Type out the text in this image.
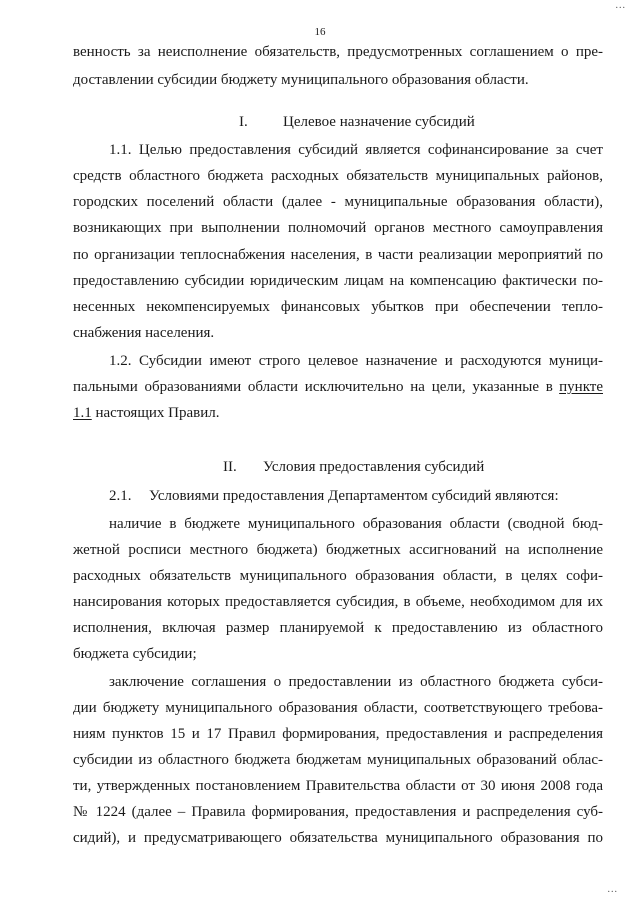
...
16
венность за неисполнение обязательств, предусмотренных соглашением о пре-
доставлении субсидии бюджету муниципального образования области.
I. Целевое назначение субсидий
1.1. Целью предоставления субсидий является софинансирование за счет
средств областного бюджета расходных обязательств муниципальных районов,
городских поселений области (далее - муниципальные образования области),
возникающих при выполнении полномочий органов местного самоуправления
по организации теплоснабжения населения, в части реализации мероприятий по
предоставлению субсидии юридическим лицам на компенсацию фактически по-
несенных некомпенсируемых финансовых убытков при обеспечении тепло-
снабжения населения.
1.2. Субсидии имеют строго целевое назначение и расходуются муници-
пальными образованиями области исключительно на цели, указанные в пункте
1.1 настоящих Правил.
II. Условия предоставления субсидий
2.1. Условиями предоставления Департаментом субсидий являются:
наличие в бюджете муниципального образования области (сводной бюд-
жетной росписи местного бюджета) бюджетных ассигнований на исполнение
расходных обязательств муниципального образования области, в целях софи-
нансирования которых предоставляется субсидия, в объеме, необходимом для их
исполнения, включая размер планируемой к предоставлению из областного
бюджета субсидии;
заключение соглашения о предоставлении из областного бюджета субси-
дии бюджету муниципального образования области, соответствующего требова-
ниям пунктов 15 и 17 Правил формирования, предоставления и распределения
субсидии из областного бюджета бюджетам муниципальных образований облас-
ти, утвержденных постановлением Правительства области от 30 июня 2008 года
№ 1224 (далее – Правила формирования, предоставления и распределения суб-
сидий), и предусматривающего обязательства муниципального образования по
...
